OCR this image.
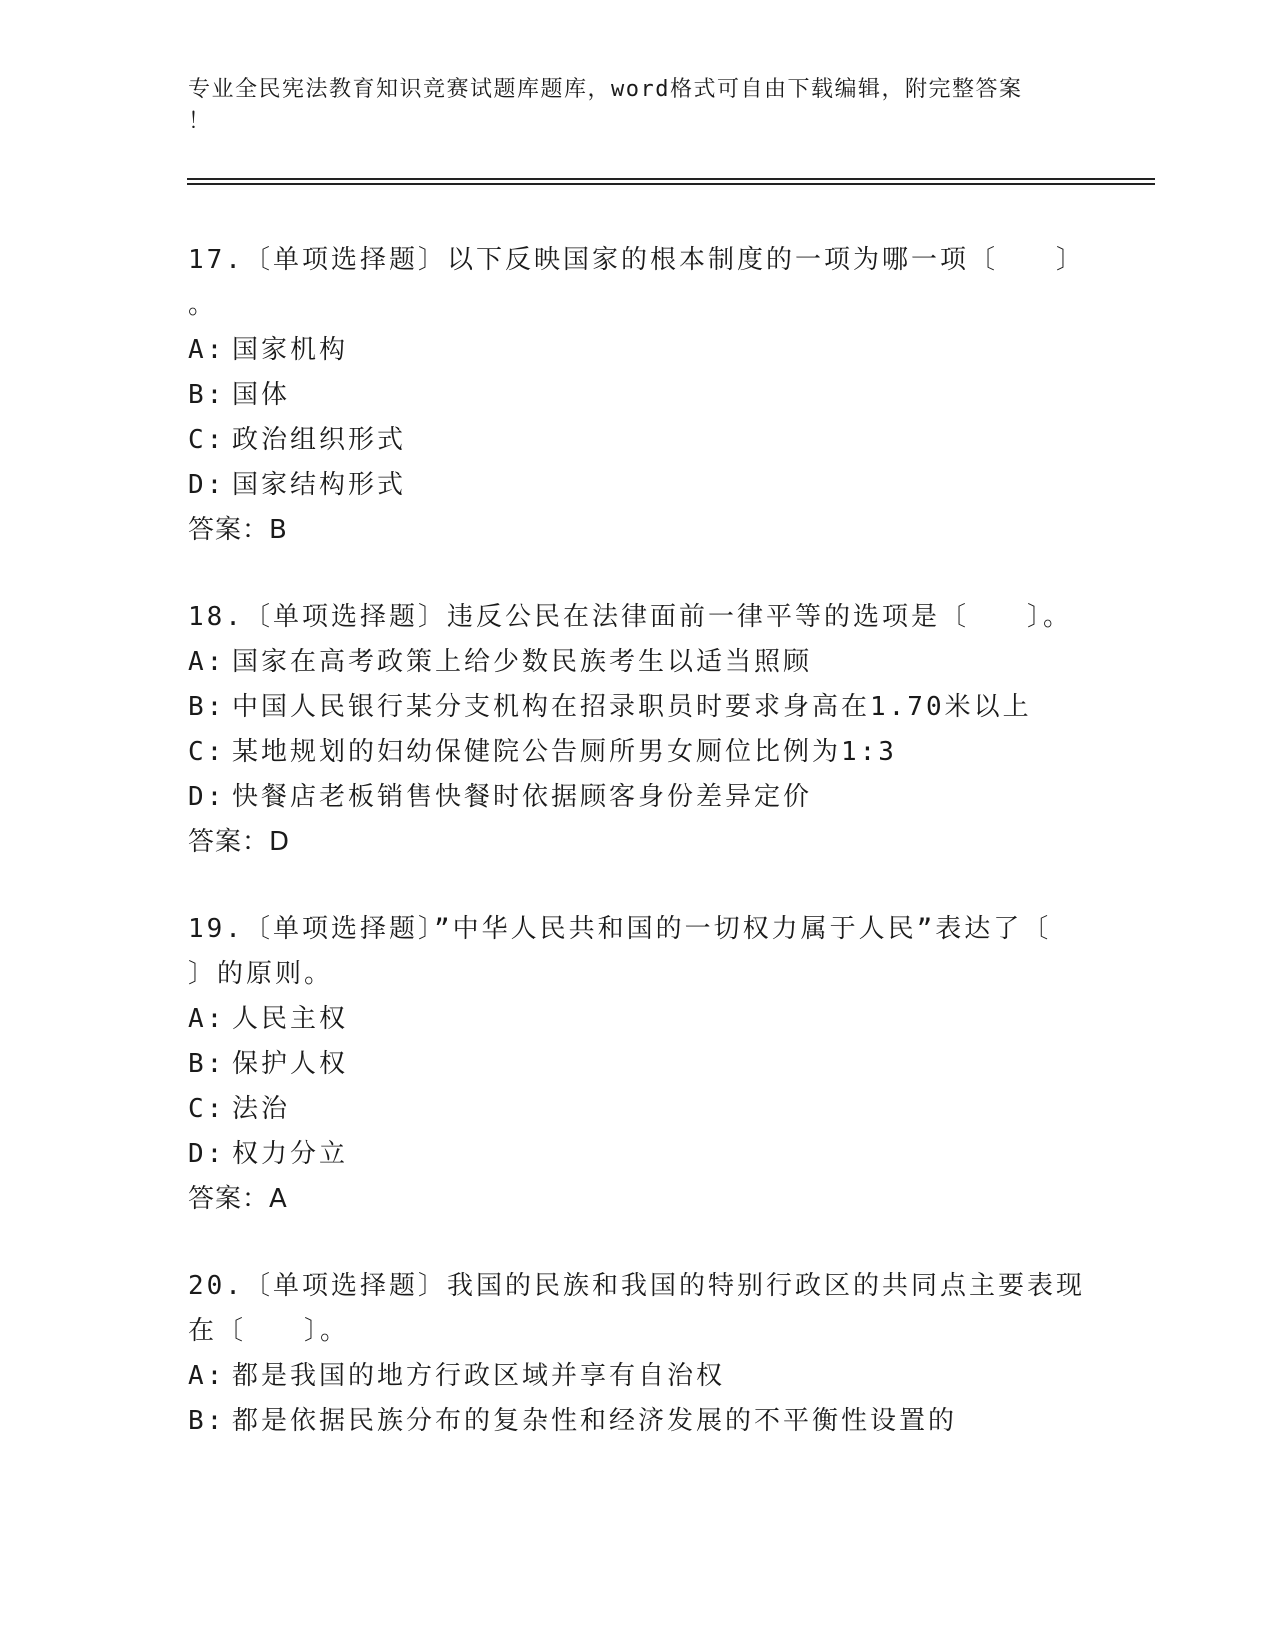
专业全民宪法教育知识竞赛试题库题库，word格式可自由下载编辑，附完整答案
！
17.〔单项选择题〕以下反映国家的根本制度的一项为哪一项〔　　〕
。
A: 国家机构
B: 国体
C: 政治组织形式
D: 国家结构形式
答案：B
18.〔单项选择题〕违反公民在法律面前一律平等的选项是〔　　〕。
A: 国家在高考政策上给少数民族考生以适当照顾
B: 中国人民银行某分支机构在招录职员时要求身高在1.70米以上
C: 某地规划的妇幼保健院公告厕所男女厕位比例为1:3
D: 快餐店老板销售快餐时依据顾客身份差异定价
答案：D
19.〔单项选择题〕”中华人民共和国的一切权力属于人民”表达了〔
〕的原则。
A: 人民主权
B: 保护人权
C: 法治
D: 权力分立
答案：A
20.〔单项选择题〕我国的民族和我国的特别行政区的共同点主要表现
在〔　　〕。
A: 都是我国的地方行政区域并享有自治权
B: 都是依据民族分布的复杂性和经济发展的不平衡性设置的
